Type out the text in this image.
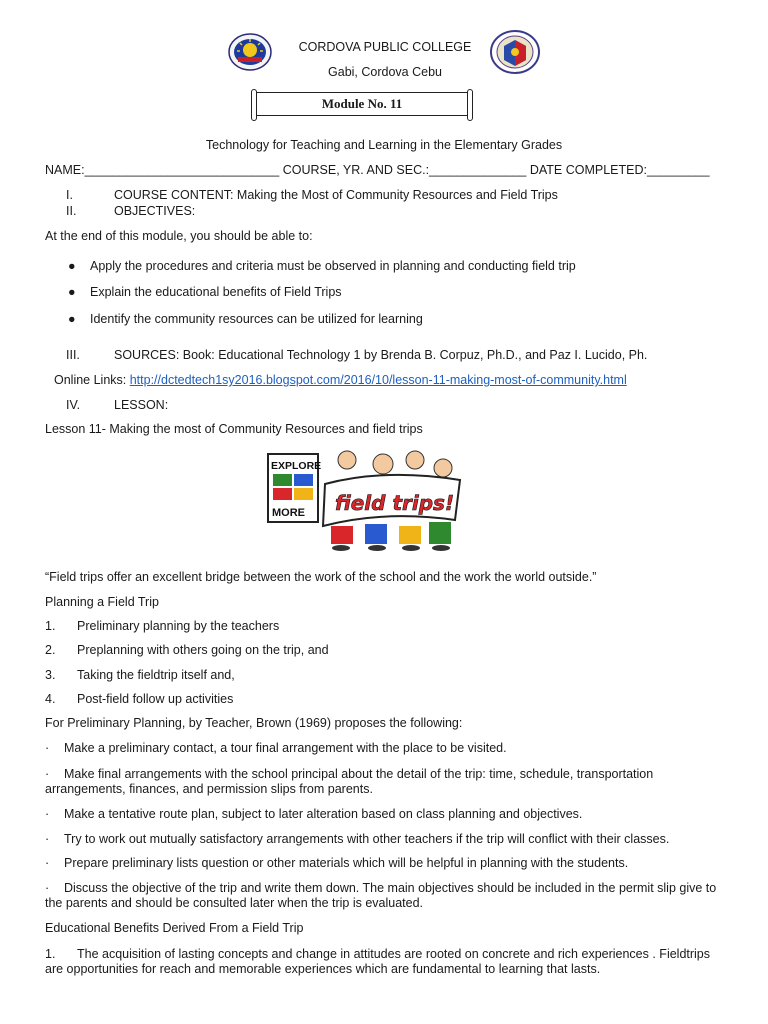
CORDOVA PUBLIC COLLEGE
Gabi, Cordova Cebu
Module No. 11
Technology for Teaching and Learning in the Elementary Grades
NAME:____________________________ COURSE, YR. AND SEC.:______________ DATE COMPLETED:_________
I.	COURSE CONTENT: Making the Most of Community Resources and Field Trips
II.	OBJECTIVES:
At the end of this module, you should be able to:
● Apply the procedures and criteria must be observed in planning and conducting field trip
● Explain the educational benefits of Field Trips
● Identify the community resources can be utilized for learning
III.	SOURCES: Book: Educational Technology 1 by Brenda B. Corpuz, Ph.D., and Paz I. Lucido, Ph.
Online Links: http://dctedtech1sy2016.blogspot.com/2016/10/lesson-11-making-most-of-community.html
IV.	LESSON:
Lesson 11- Making the most of Community Resources and field trips
EXPLORE
MORE field trips!
“Field trips offer an excellent bridge between the work of the school and the work the world outside.”
Planning a Field Trip
1. Preliminary planning by the teachers
2. Preplanning with others going on the trip, and
3. Taking the fieldtrip itself and,
4. Post-field follow up activities
For Preliminary Planning, by Teacher, Brown (1969) proposes the following:
· Make a preliminary contact, a tour final arrangement with the place to be visited.
· Make final arrangements with the school principal about the detail of the trip: time, schedule, transportation arrangements, finances, and permission slips from parents.
· Make a tentative route plan, subject to later alteration based on class planning and objectives.
· Try to work out mutually satisfactory arrangements with other teachers if the trip will conflict with their classes.
· Prepare preliminary lists question or other materials which will be helpful in planning with the students.
· Discuss the objective of the trip and write them down. The main objectives should be included in the permit slip give to the parents and should be consulted later when the trip is evaluated.
Educational Benefits Derived From a Field Trip
1. The acquisition of lasting concepts and change in attitudes are rooted on concrete and rich experiences . Fieldtrips are opportunities for reach and memorable experiences which are fundamental to learning that lasts.
